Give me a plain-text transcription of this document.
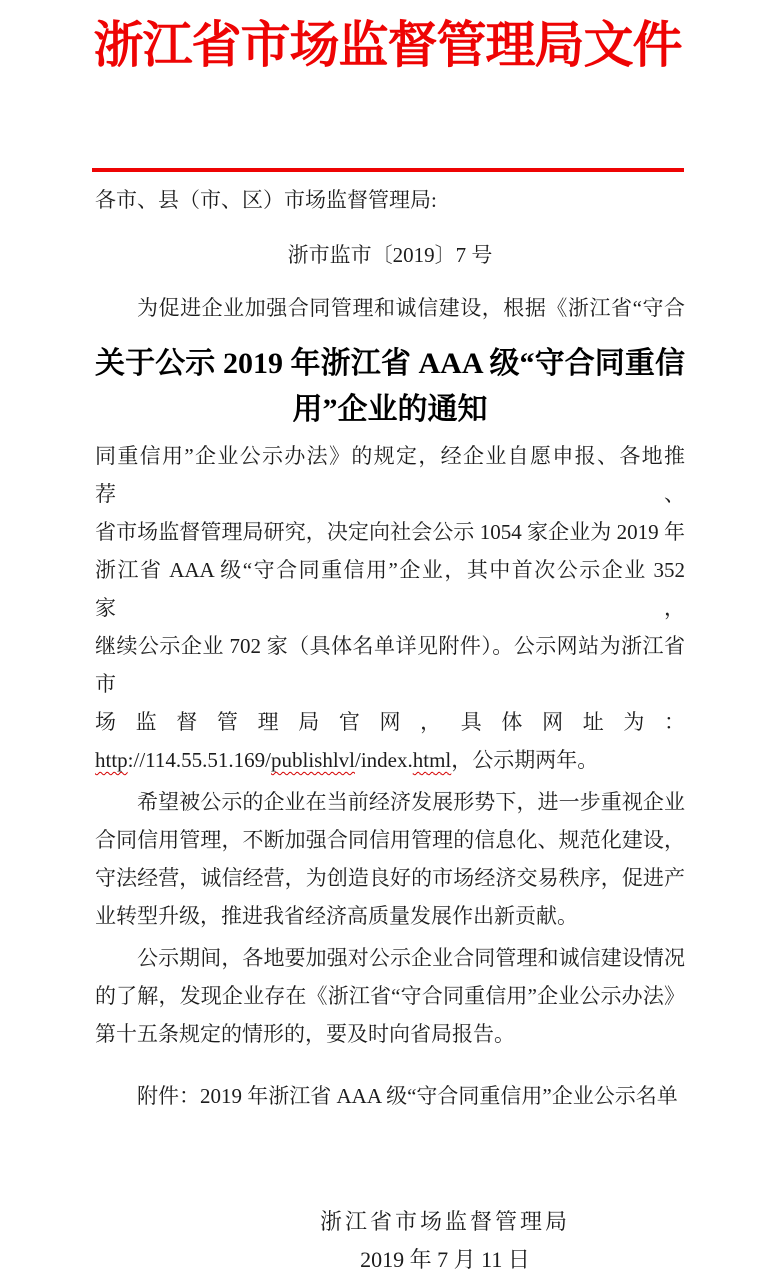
浙江省市场监督管理局文件
各市、县（市、区）市场监督管理局:
浙市监市〔2019〕7 号
为促进企业加强合同管理和诚信建设，根据《浙江省“守合
关于公示 2019 年浙江省 AAA 级“守合同重信
用”企业的通知
同重信用”企业公示办法》的规定，经企业自愿申报、各地推荐、
省市场监督管理局研究，决定向社会公示 1054 家企业为 2019 年
浙江省 AAA 级“守合同重信用”企业，其中首次公示企业 352 家，
继续公示企业 702 家（具体名单详见附件）。公示网站为浙江省市
场监督管理局官网，具体网址为：
http://114.55.51.169/publishlvl/index.html，公示期两年。
希望被公示的企业在当前经济发展形势下，进一步重视企业
合同信用管理，不断加强合同信用管理的信息化、规范化建设，
守法经营，诚信经营，为创造良好的市场经济交易秩序，促进产
业转型升级，推进我省经济高质量发展作出新贡献。
公示期间，各地要加强对公示企业合同管理和诚信建设情况
的了解，发现企业存在《浙江省“守合同重信用”企业公示办法》
第十五条规定的情形的，要及时向省局报告。
附件：2019 年浙江省 AAA 级“守合同重信用”企业公示名单
浙江省市场监督管理局
2019 年 7 月 11 日
